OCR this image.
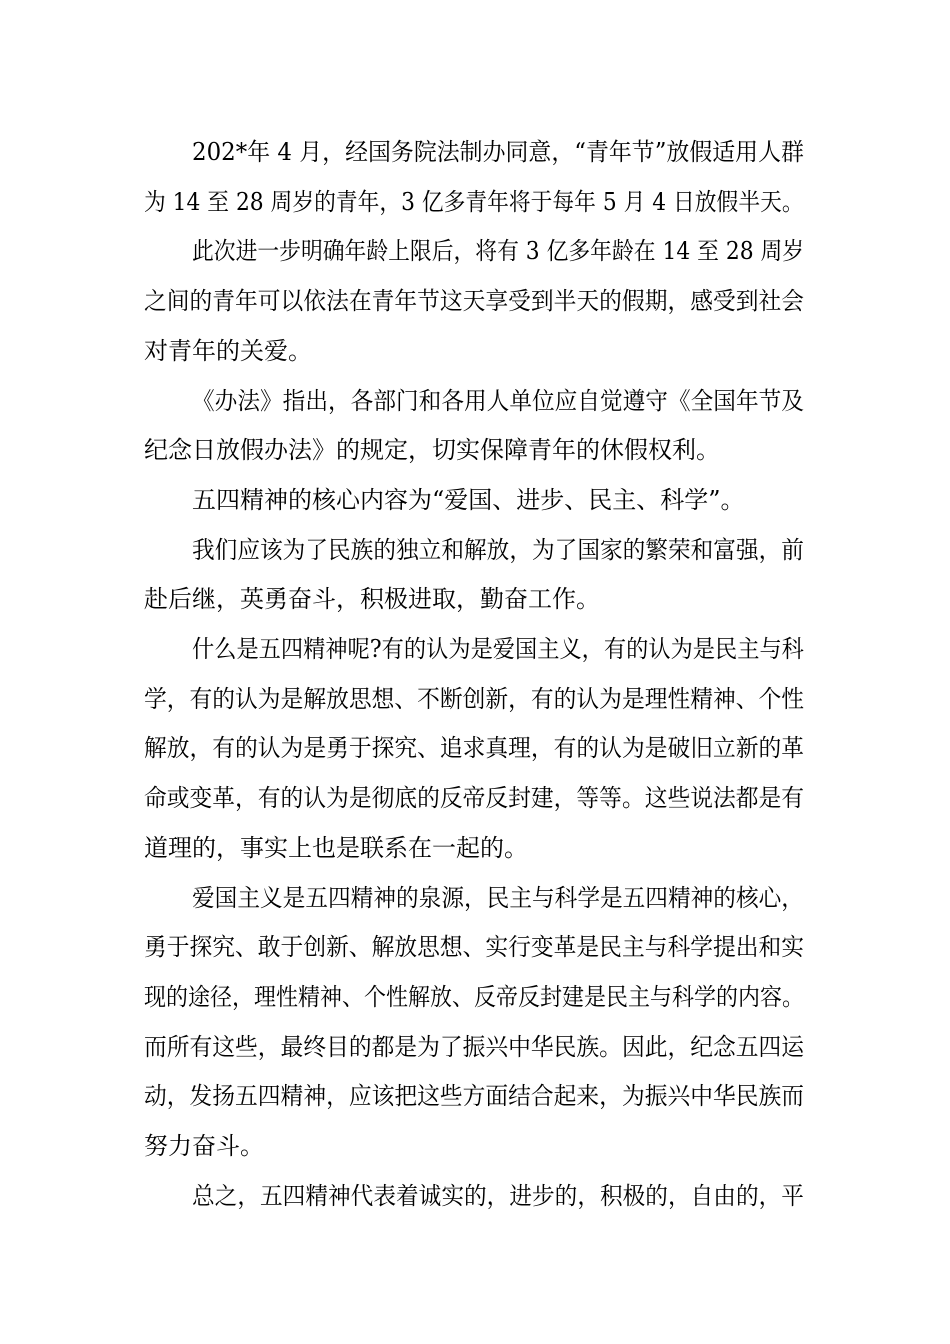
202*年 4 月，经国务院法制办同意，“青年节”放假适用人群
为 14 至 28 周岁的青年，3 亿多青年将于每年 5 月 4 日放假半天。
此次进一步明确年龄上限后，将有 3 亿多年龄在 14 至 28 周岁
之间的青年可以依法在青年节这天享受到半天的假期，感受到社会
对青年的关爱。
《办法》指出，各部门和各用人单位应自觉遵守《全国年节及
纪念日放假办法》的规定，切实保障青年的休假权利。
五四精神的核心内容为“爱国、进步、民主、科学”。
我们应该为了民族的独立和解放，为了国家的繁荣和富强，前
赴后继，英勇奋斗，积极进取，勤奋工作。
什么是五四精神呢?有的认为是爱国主义，有的认为是民主与科
学，有的认为是解放思想、不断创新，有的认为是理性精神、个性
解放，有的认为是勇于探究、追求真理，有的认为是破旧立新的革
命或变革，有的认为是彻底的反帝反封建，等等。这些说法都是有
道理的，事实上也是联系在一起的。
爱国主义是五四精神的泉源，民主与科学是五四精神的核心，
勇于探究、敢于创新、解放思想、实行变革是民主与科学提出和实
现的途径，理性精神、个性解放、反帝反封建是民主与科学的内容。
而所有这些，最终目的都是为了振兴中华民族。因此，纪念五四运
动，发扬五四精神，应该把这些方面结合起来，为振兴中华民族而
努力奋斗。
总之，五四精神代表着诚实的，进步的，积极的，自由的，平
